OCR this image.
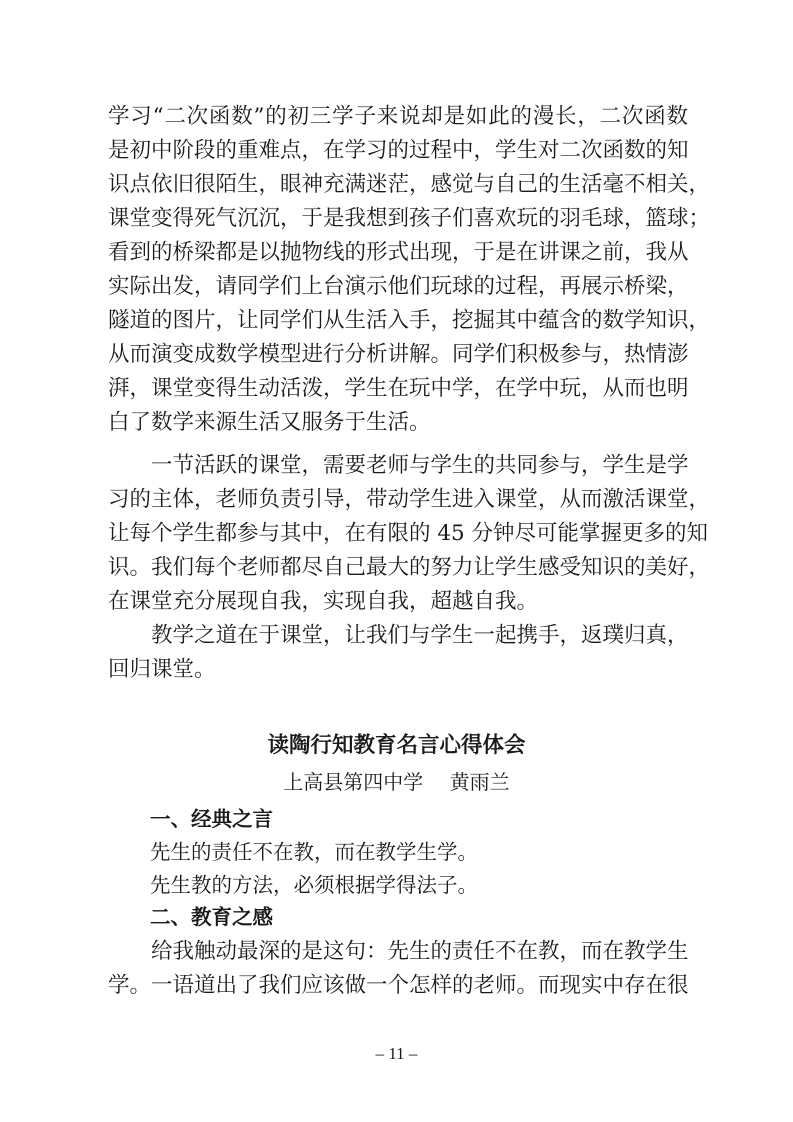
学习“二次函数”的初三学子来说却是如此的漫长，二次函数
是初中阶段的重难点，在学习的过程中，学生对二次函数的知
识点依旧很陌生，眼神充满迷茫，感觉与自己的生活毫不相关，
课堂变得死气沉沉，于是我想到孩子们喜欢玩的羽毛球，篮球；
看到的桥梁都是以抛物线的形式出现，于是在讲课之前，我从
实际出发，请同学们上台演示他们玩球的过程，再展示桥梁，
隧道的图片，让同学们从生活入手，挖掘其中蕴含的数学知识，
从而演变成数学模型进行分析讲解。同学们积极参与，热情澎
湃，课堂变得生动活泼，学生在玩中学，在学中玩，从而也明
白了数学来源生活又服务于生活。
　　一节活跃的课堂，需要老师与学生的共同参与，学生是学
习的主体，老师负责引导，带动学生进入课堂，从而激活课堂，
让每个学生都参与其中，在有限的 45 分钟尽可能掌握更多的知
识。我们每个老师都尽自己最大的努力让学生感受知识的美好，
在课堂充分展现自我，实现自我，超越自我。
　　教学之道在于课堂，让我们与学生一起携手，返璞归真，
回归课堂。
读陶行知教育名言心得体会
上高县第四中学　 黄雨兰
一、经典之言
先生的责任不在教，而在教学生学。
先生教的方法，必须根据学得法子。
二、教育之感
– 11 –
　　给我触动最深的是这句：先生的责任不在教，而在教学生
学。一语道出了我们应该做一个怎样的老师。而现实中存在很
